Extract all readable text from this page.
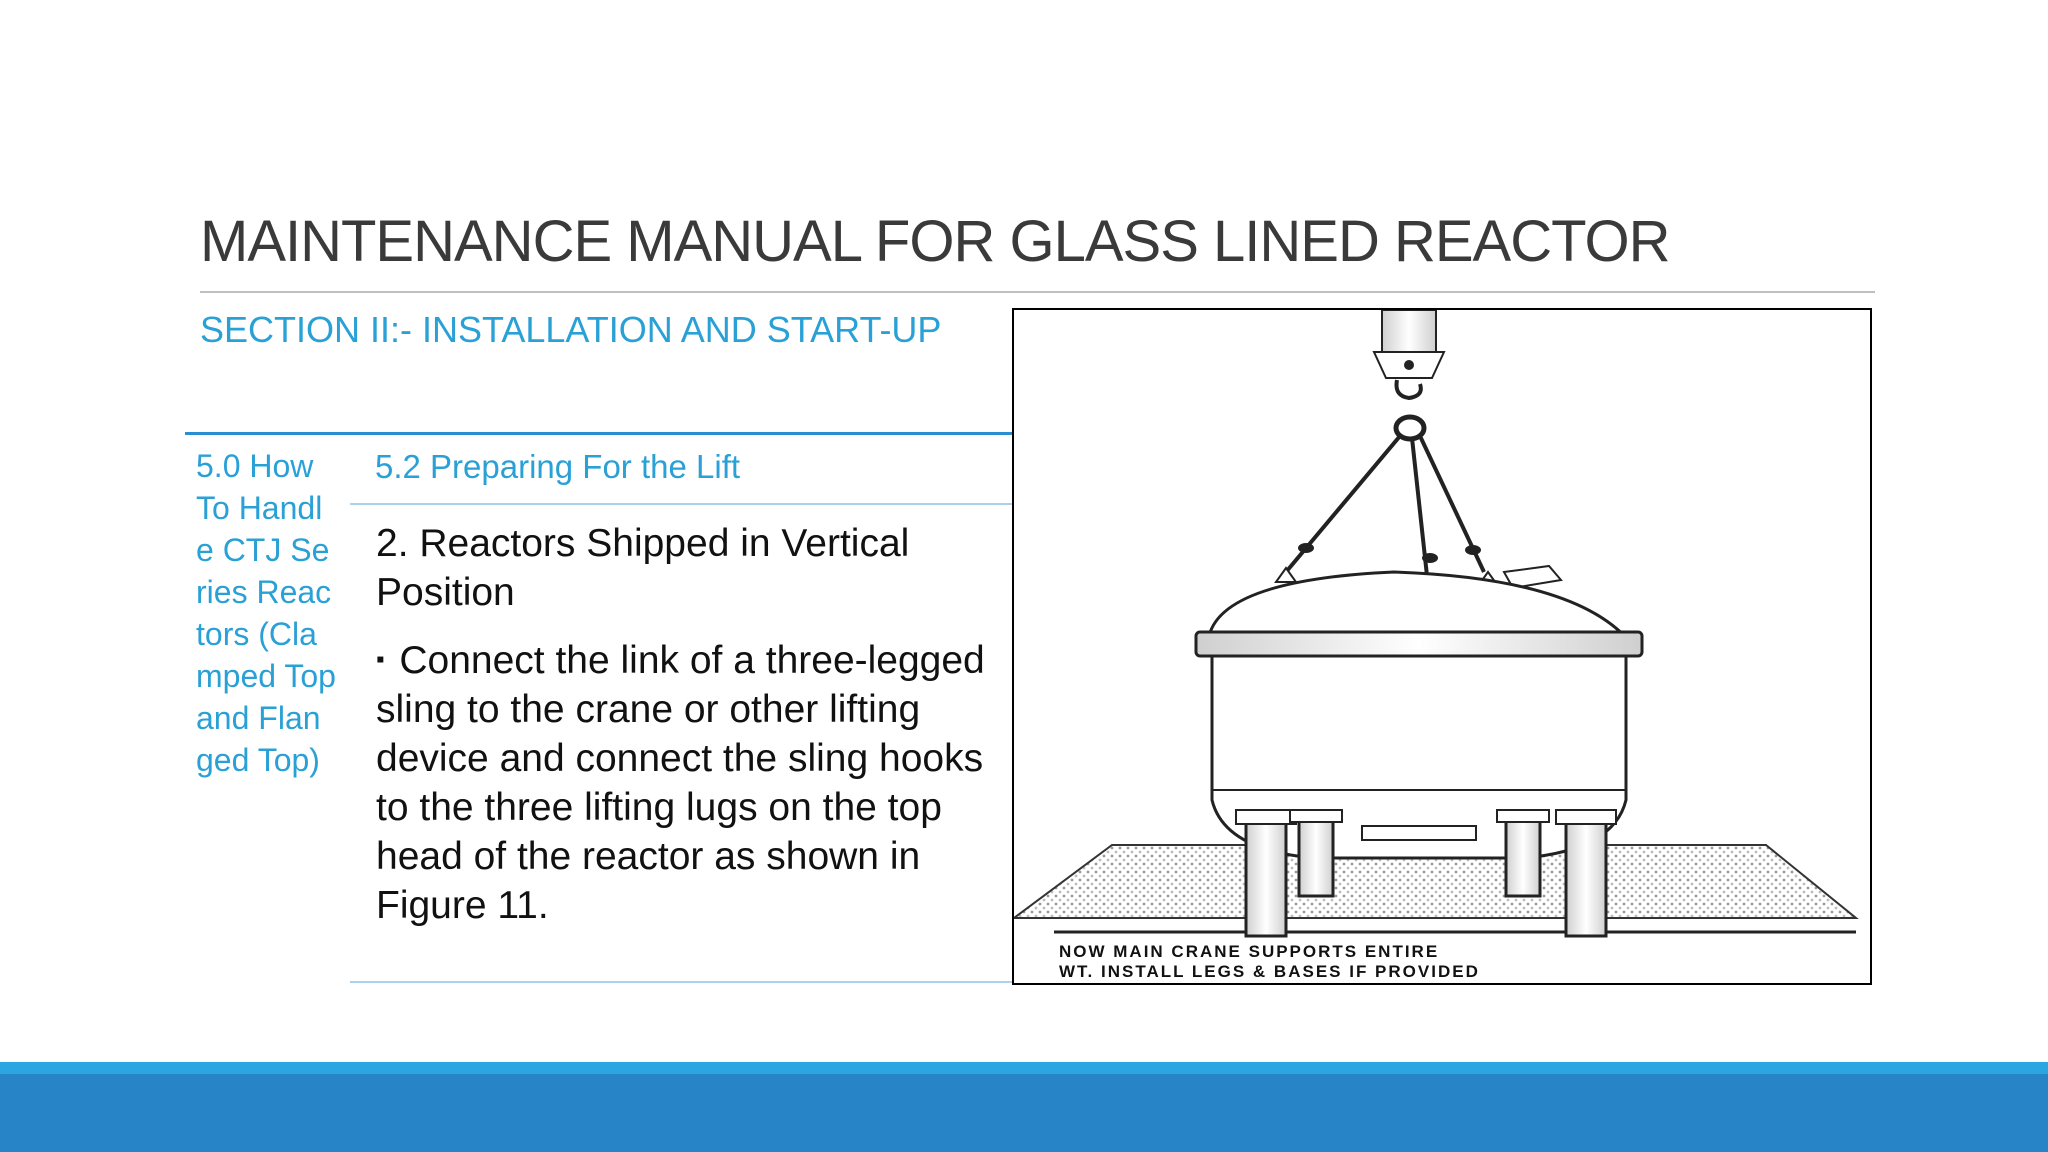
MAINTENANCE MANUAL FOR GLASS LINED REACTOR
SECTION II:- INSTALLATION AND START-UP
5.0 How To Handle CTJ Series Reactors (Clamped Top and Flanged Top)
5.2 Preparing For the Lift

2. Reactors Shipped in Vertical Position

▪ Connect the link of a three-legged sling to the crane or other lifting device and connect the sling hooks to the three lifting lugs on the top head of the reactor as shown in Figure 11.

NOW MAIN CRANE SUPPORTS ENTIRE
WT. INSTALL LEGS & BASES IF PROVIDED
